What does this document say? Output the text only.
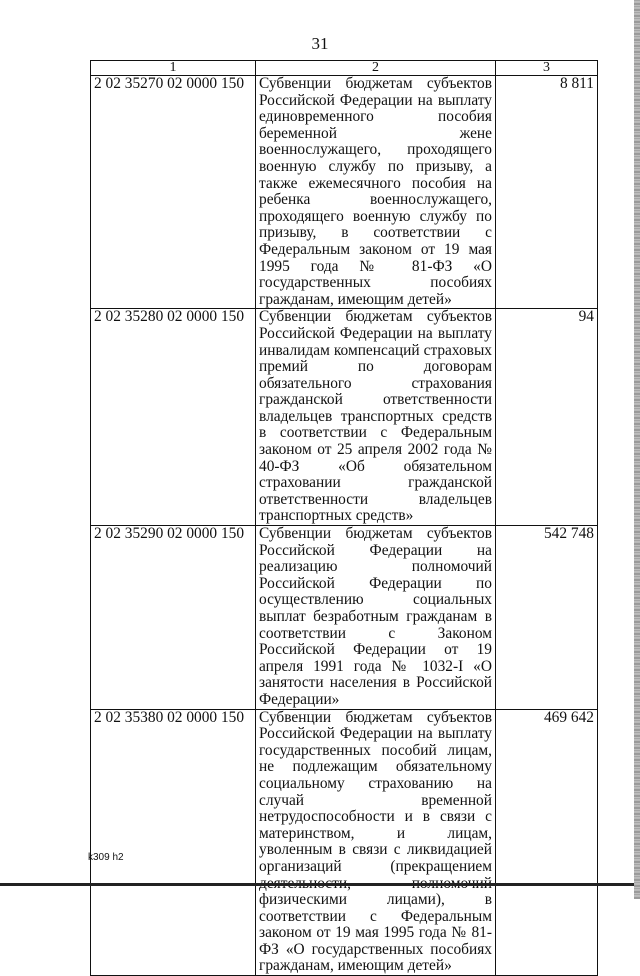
31
1	2	3
2 02 35270 02 0000 150	Субвенции бюджетам субъектов Российской Федерации на выплату единовременного пособия беременной жене военнослужащего, проходящего военную службу по призыву, а также ежемесячного пособия на ребенка военнослужащего, проходящего военную службу по призыву, в соответствии с Федеральным законом от 19 мая 1995 года № 81-ФЗ «О государственных пособиях гражданам, имеющим детей»	8 811
2 02 35280 02 0000 150	Субвенции бюджетам субъектов Российской Федерации на выплату инвалидам компенсаций страховых премий по договорам обязательного страхования гражданской ответственности владельцев транспортных средств в соответствии с Федеральным законом от 25 апреля 2002 года № 40-ФЗ «Об обязательном страховании гражданской ответственности владельцев транспортных средств»	94
2 02 35290 02 0000 150	Субвенции бюджетам субъектов Российской Федерации на реализацию полномочий Российской Федерации по осуществлению социальных выплат безработным гражданам в соответствии с Законом Российской Федерации от 19 апреля 1991 года № 1032-I «О занятости населения в Российской Федерации»	542 748
2 02 35380 02 0000 150	Субвенции бюджетам субъектов Российской Федерации на выплату государственных пособий лицам, не подлежащим обязательному социальному страхованию на случай временной нетрудоспособности и в связи с материнством, и лицам, уволенным в связи с ликвидацией организаций (прекращением физическими лицами), в соответствии с Федеральным законом от 19 мая 1995 года № 81-ФЗ «О государственных пособиях гражданам, имеющим детей»	469 642
k309 h2
